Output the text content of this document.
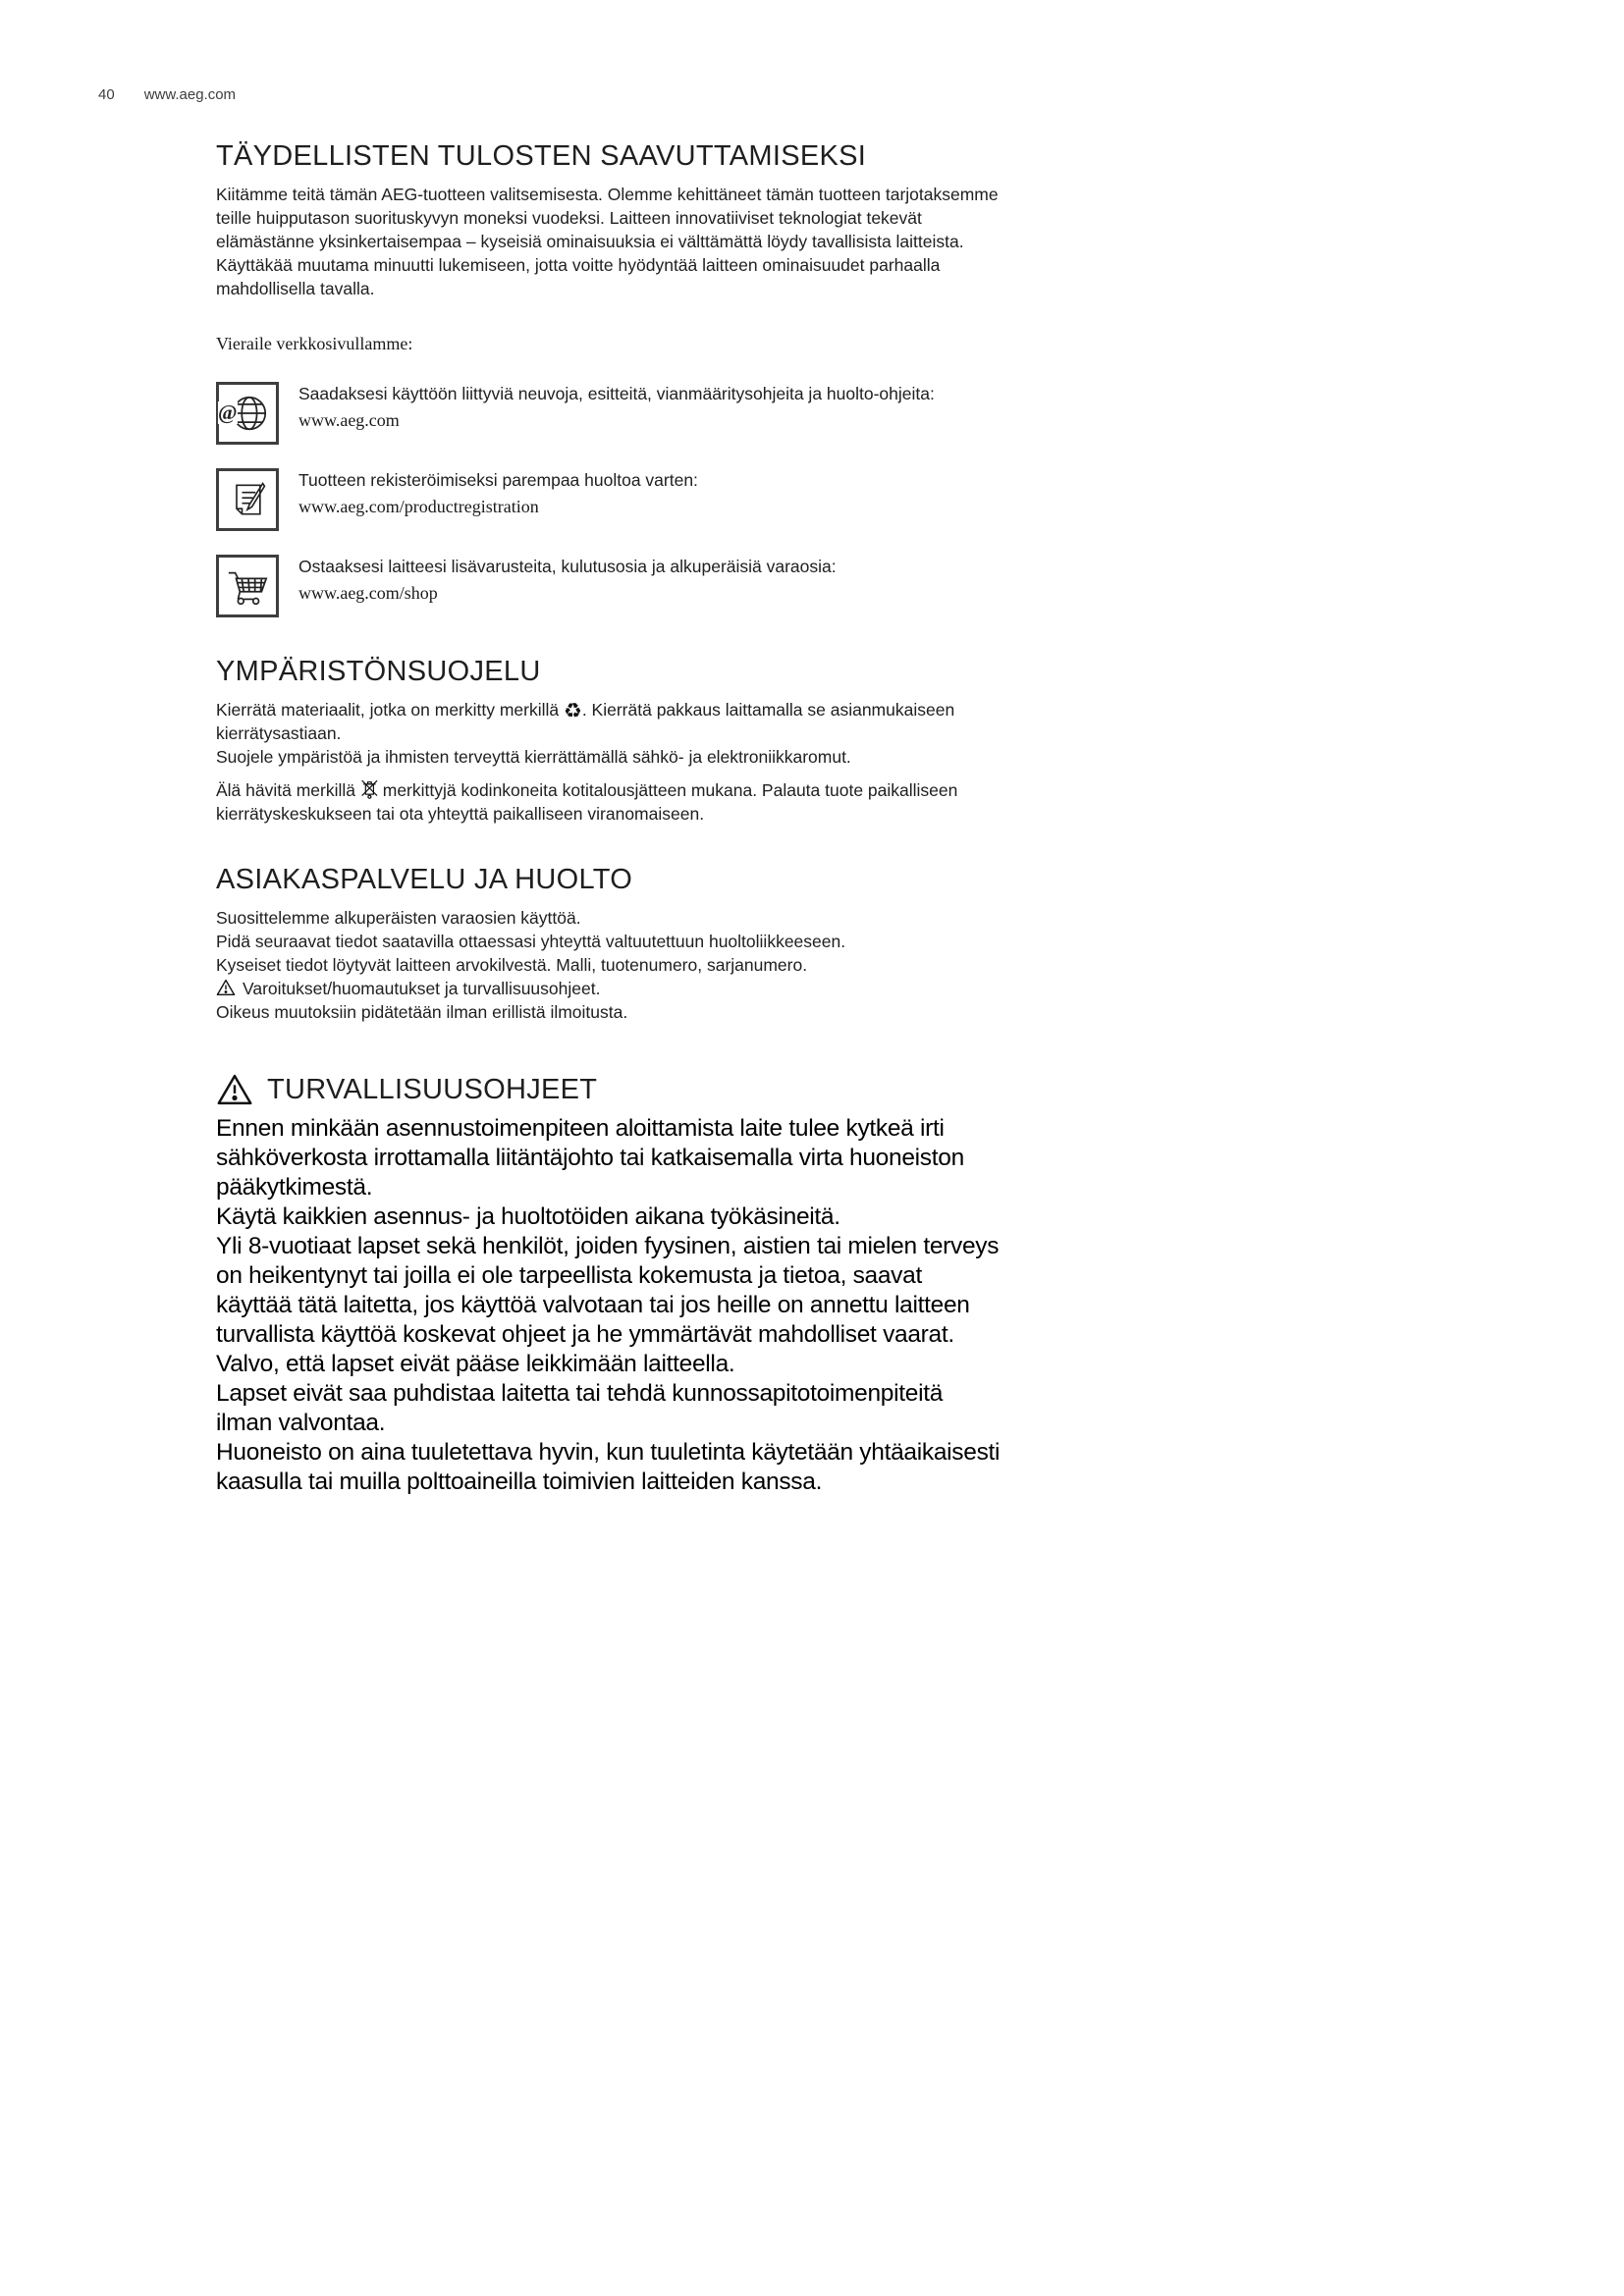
40 www.aeg.com
TÄYDELLISTEN TULOSTEN SAAVUTTAMISEKSI

Kiitämme teitä tämän AEG-tuotteen valitsemisesta. Olemme kehittäneet tämän tuotteen tarjotaksemme teille huipputason suorituskyvyn moneksi vuodeksi. Laitteen innovatiiviset teknologiat tekevät elämästänne yksinkertaisempaa – kyseisiä ominaisuuksia ei välttämättä löydy tavallisista laitteista. Käyttäkää muutama minuutti lukemiseen, jotta voitte hyödyntää laitteen ominaisuudet parhaalla mahdollisella tavalla.

Vieraile verkkosivullamme:

@

Saadaksesi käyttöön liittyviä neuvoja, esitteitä, vianmääritysohjeita ja huolto-ohjeita:

www.aeg.com

Tuotteen rekisteröimiseksi parempaa huoltoa varten:

www.aeg.com/productregistration

Ostaaksesi laitteesi lisävarusteita, kulutusosia ja alkuperäisiä varaosia:

www.aeg.com/shop

YMPÄRISTÖNSUOJELU

Kierrätä materiaalit, jotka on merkitty merkillä ♻. Kierrätä pakkaus laittamalla se asianmukaiseen kierrätysastiaan.

Suojele ympäristöä ja ihmisten terveyttä kierrättämällä sähkö- ja elektroniikkaromut.

Älä hävitä merkillä  merkittyjä kodinkoneita kotitalousjätteen mukana. Palauta tuote paikalliseen kierrätyskeskukseen tai ota yhteyttä paikalliseen viranomaiseen.

ASIAKASPALVELU JA HUOLTO

Suosittelemme alkuperäisten varaosien käyttöä.

Pidä seuraavat tiedot saatavilla ottaessasi yhteyttä valtuutettuun huoltoliikkeeseen.

Kyseiset tiedot löytyvät laitteen arvokilvestä. Malli, tuotenumero, sarjanumero.

Varoitukset/huomautukset ja turvallisuusohjeet.

Oikeus muutoksiin pidätetään ilman erillistä ilmoitusta.

TURVALLISUUSOHJEET

Ennen minkään asennustoimenpiteen aloittamista laite tulee kytkeä irti sähköverkosta irrottamalla liitäntäjohto tai katkaisemalla virta huoneiston pääkytkimestä.

Käytä kaikkien asennus- ja huoltotöiden aikana työkäsineitä.

Yli 8-vuotiaat lapset sekä henkilöt, joiden fyysinen, aistien tai mielen terveys on heikentynyt tai joilla ei ole tarpeellista kokemusta ja tietoa, saavat käyttää tätä laitetta, jos käyttöä valvotaan tai jos heille on annettu laitteen turvallista käyttöä koskevat ohjeet ja he ymmärtävät mahdolliset vaarat.

Valvo, että lapset eivät pääse leikkimään laitteella.

Lapset eivät saa puhdistaa laitetta tai tehdä kunnossapitotoimenpiteitä ilman valvontaa.

Huoneisto on aina tuuletettava hyvin, kun tuuletinta käytetään yhtäaikaisesti kaasulla tai muilla polttoaineilla toimivien laitteiden kanssa.
